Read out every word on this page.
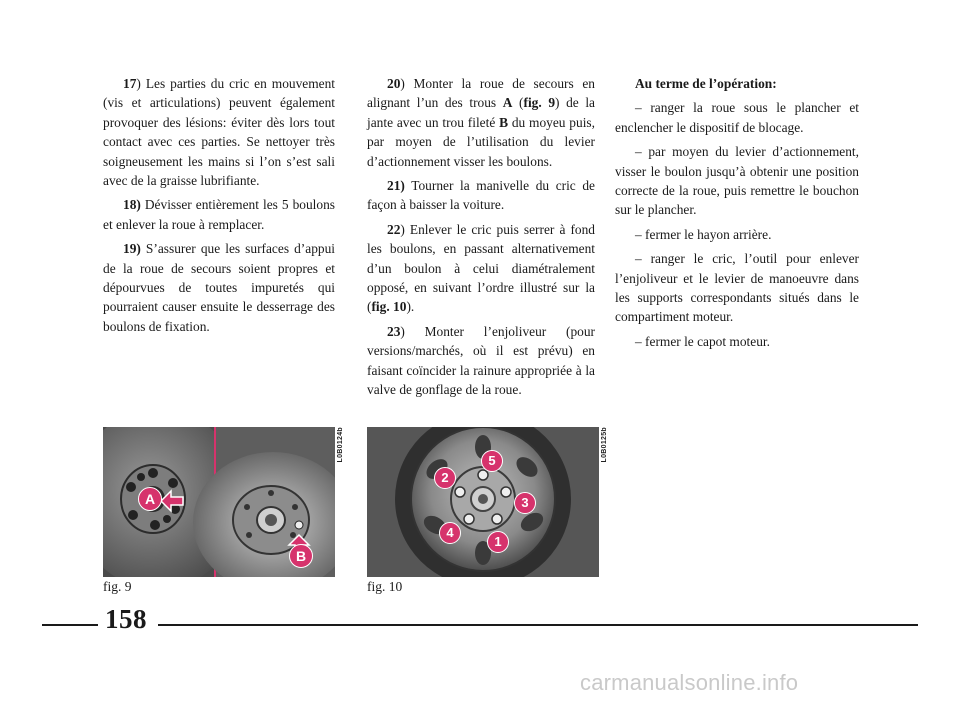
17) Les parties du cric en mouvement (vis et articulations) peuvent également provoquer des lésions: éviter dès lors tout contact avec ces parties. Se nettoyer très soigneusement les mains si l’on s’est sali avec de la graisse lubrifiante.

18) Dévisser entièrement les 5 boulons et enlever la roue à remplacer.

19) S’assurer que les surfaces d’appui de la roue de secours soient propres et dépourvues de toutes impuretés qui pourraient causer ensuite le desserrage des boulons de fixation.

20) Monter la roue de secours en alignant l’un des trous A (fig. 9) de la jante avec un trou fileté B du moyeu puis, par moyen de l’utilisation du levier d’actionnement visser les boulons.

21) Tourner la manivelle du cric de façon à baisser la voiture.

22) Enlever le cric puis serrer à fond les boulons, en passant alternativement d’un boulon à celui diamétralement opposé, en suivant l’ordre illustré sur la (fig. 10).

23) Monter l’enjoliveur (pour versions/marchés, où il est prévu) en faisant coïncider la rainure appropriée à la valve de gonflage de la roue.

Au terme de l’opération:

– ranger la roue sous le plancher et enclencher le dispositif de blocage.

– par moyen du levier d’actionnement, visser le boulon jusqu’à obtenir une position correcte de la roue, puis remettre le bouchon sur le plancher.

– fermer le hayon arrière.

– ranger le cric, l’outil pour enlever l’enjoliveur et le levier de manoeuvre dans les supports correspondants situés dans le compartiment moteur.

– fermer le capot moteur.

A
B
L0B0124b
fig. 9
1
2
3
4
5	L0B0125b
fig. 10
158
carmanualsonline.info
